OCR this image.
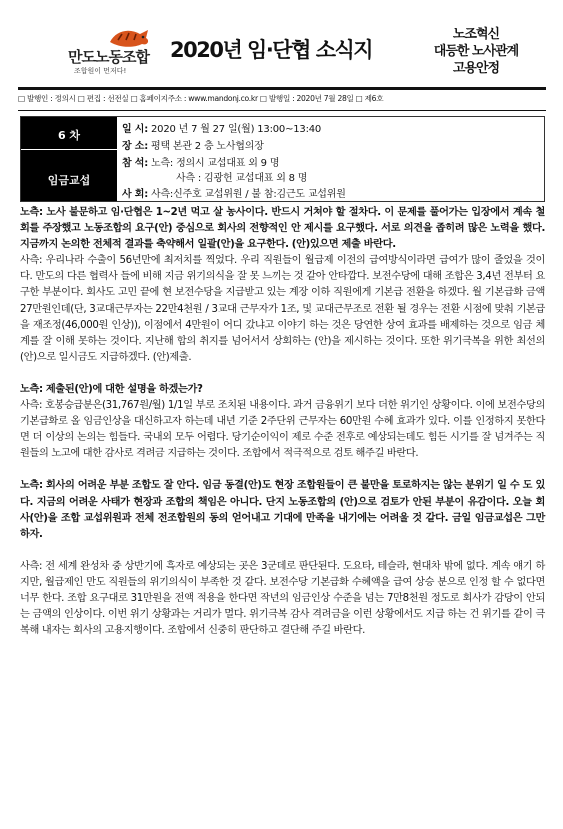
만도노동조합
조합원이 먼저다!
2020년 임·단협 소식지
노조혁신
대등한 노사관계
고용안정
□ 발행인 : 정의시 □ 편집 : 선전실 □ 홈페이지주소 : www.mandonj.co.kr □ 발행일 : 2020년 7월 28일 □ 제6호
6 차
임금교섭
일 시: 2020 년 7 월 27 일(월) 13:00~13:40
장 소: 평택 본관 2 층 노사협의장
참 석: 노측: 정의시 교섭대표 외 9 명
사측 : 김광헌 교섭대표 외 8 명
사 회: 사측:신주호 교섭위원 / 불 참:김근도 교섭위원
노측: 노사 불문하고 임·단협은 1~2년 먹고 살 농사이다. 반드시 거쳐야 할 절차다. 이 문제를 풀어가는 입장에서 계속 철회를 주장했고 노동조합의 요구(안) 중심으로 회사의 전향적인 안 제시를 요구했다. 서로 의견을 좁히려 많은 노력을 했다. 지금까지 논의한 전체적 결과를 축약해서 일괄(안)을 요구한다. (안)있으면 제출 바란다.
사측: 우리나라 수출이 56년만에 최저치를 찍었다. 우리 직원들이 월급제 이전의 급여방식이라면 급여가 많이 줄었을 것이다. 만도의 다른 협력사 들에 비해 지금 위기의식을 잘 못 느끼는 것 같아 안타깝다. 보전수당에 대해 조합은 3,4년 전부터 요구한 부분이다. 회사도 고민 끝에 현 보전수당을 지급받고 있는 계장 이하 직원에게 기본급 전환을 하겠다. 월 기본급화 금액 27만원인데(단, 3교대근무자는 22만4천원 / 3교대 근무자가 1조, 및 교대근무조로 전환 될 경우는 전환 시점에 맞춰 기본급을 재조정(46,000원 인상)), 이점에서 4만원이 어디 갔냐고 이야기 하는 것은 당연한 상여 효과를 배제하는 것으로 임금 체계를 잘 이해 못하는 것이다. 지난해 합의 취지를 넘어서서 상회하는 (안)을 제시하는 것이다. 또한 위기극복을 위한 최선의 (안)으로 일시금도 지급하겠다. (안)제출.
노측: 제출된(안)에 대한 설명을 하겠는가?
사측: 호봉승급분은(31,767원/월) 1/1일 부로 조치된 내용이다. 과거 금융위기 보다 더한 위기인 상황이다. 이에 보전수당의 기본급화로 올 임금인상을 대신하고자 하는데 내년 기준 2주단위 근무자는 60만원 수혜 효과가 있다. 이를 인정하지 못한다면 더 이상의 논의는 힘들다. 국내외 모두 어렵다. 당기순이익이 제로 수준 전후로 예상되는데도 힘든 시기를 잘 넘겨주는 직원들의 노고에 대한 감사로 격려금 지급하는 것이다. 조합에서 적극적으로 검토 해주길 바란다.
노측: 회사의 어려운 부분 조합도 잘 안다. 임금 동결(안)도 현장 조합원들이 큰 불만을 토로하지는 않는 분위기 일 수 도 있다. 지금의 어려운 사태가 현장과 조합의 책임은 아니다. 단지 노동조합의 (안)으로 검토가 안된 부분이 유감이다. 오늘 회사(안)을 조합 교섭위원과 전체 전조합원의 동의 얻어내고 기대에 만족을 내기에는 어려울 것 같다. 금일 임금교섭은 그만하자.
사측: 전 세계 완성차 중 상반기에 흑자로 예상되는 곳은 3군데로 판단된다. 도요타, 테슬라, 현대차 밖에 없다. 계속 얘기 하지만, 월급제인 만도 직원들의 위기의식이 부족한 것 같다. 보전수당 기본급화 수혜액을 급여 상승 분으로 인정 할 수 없다면 너무 한다. 조합 요구대로 31만원을 전액 적용을 한다면 작년의 임금인상 수준을 넘는 7만8천원 정도로 회사가 감당이 안되는 금액의 인상이다. 이번 위기 상황과는 거리가 멀다. 위기극복 감사 격려금을 이런 상황에서도 지급 하는 건 위기를 같이 극복해 내자는 회사의 고용지행이다. 조합에서 신중히 판단하고 결단해 주길 바란다.
